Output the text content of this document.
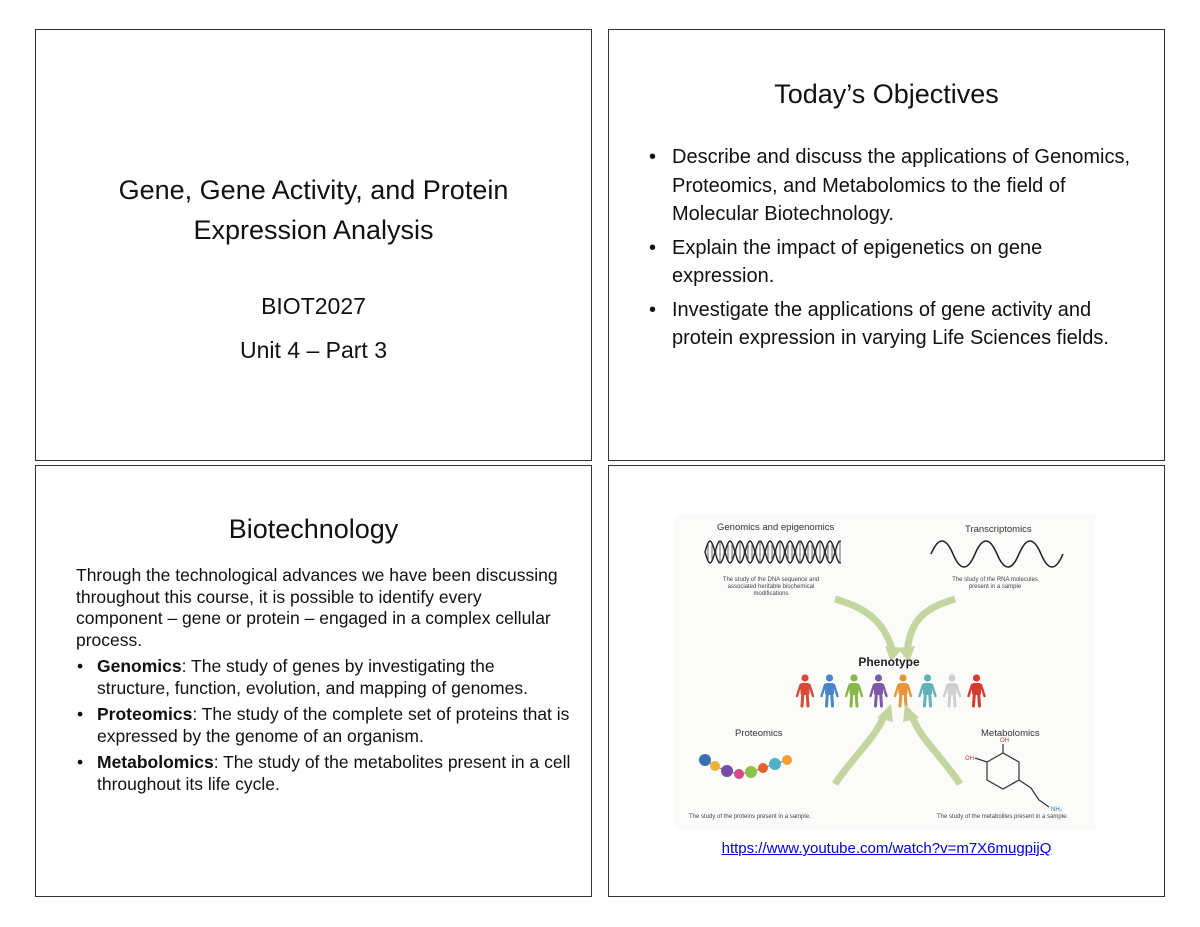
Gene, Gene Activity, and Protein
Expression Analysis
BIOT2027
Unit 4 – Part 3
Today’s Objectives
• Describe and discuss the applications of Genomics, Proteomics, and Metabolomics to the field of Molecular Biotechnology.
• Explain the impact of epigenetics on gene expression.
• Investigate the applications of gene activity and protein expression in varying Life Sciences fields.
Biotechnology
Through the technological advances we have been discussing throughout this course, it is possible to identify every component – gene or protein – engaged in a complex cellular process.
• Genomics: The study of genes by investigating the structure, function, evolution, and mapping of genomes.
• Proteomics: The study of the complete set of proteins that is expressed by the genome of an organism.
• Metabolomics: The study of the metabolites present in a cell throughout its life cycle.
Genomics and epigenomics
The study of the DNA sequence and
associated heritable biochemical
modifications
Transcriptomics
The study of the RNA molecules
present in a sample
Phenotype
Proteomics
The study of the proteins present in a sample.
Metabolomics
OH
OH
NH₂
The study of the metabolites present in a sample.
https://www.youtube.com/watch?v=m7X6mugpijQ
